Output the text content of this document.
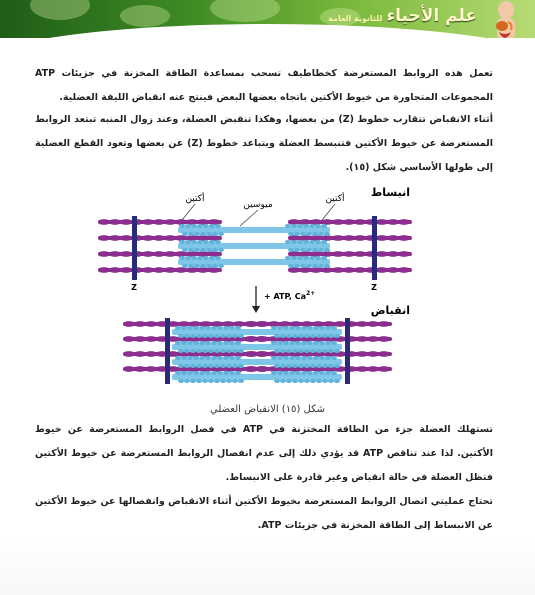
علم الأحياء
للثانوية العامة
تعمل هذه الروابط المستعرضة كخطاطيف تسحب بمساعدة الطاقة المخزنة في جزيئات ATP المجموعات المتجاورة من خيوط الأكتين باتجاه بعضها البعض فينتج عنه انقباض الليفة العضلية.
أثناء الانقباض تتقارب خطوط (Z) من بعضها، وهكذا تنقبض العضلة، وعند زوال المنبه تبتعد الروابط المستعرضة عن خيوط الأكتين فتنبسط العضلة ويتباعد خطوط (Z) عن بعضها وتعود القطع العضلية إلى طولها الأساسي شكل (١٥).
أكتين
ميوسين
أكتين انبساط
Z	Z
+ ATP, $Ca^{2+}$
انقباض
شكل (١٥) الانقباض العضلي
تستهلك العضلة جزء من الطاقة المختزنة في ATP في فصل الروابط المستعرضة عن خيوط الأكتين. لذا عند تناقص ATP قد يؤدي ذلك إلى عدم انفصال الروابط المستعرضة عن خيوط الأكتين فتظل العضلة في حالة انقباض وغير قادرة على الانبساط.
تحتاج عمليتي اتصال الروابط المستعرضة بخيوط الأكتين أثناء الانقباض وانفصالها عن خيوط الأكتين عن الانبساط إلى الطاقة المخزنة في جزيئات ATP.
